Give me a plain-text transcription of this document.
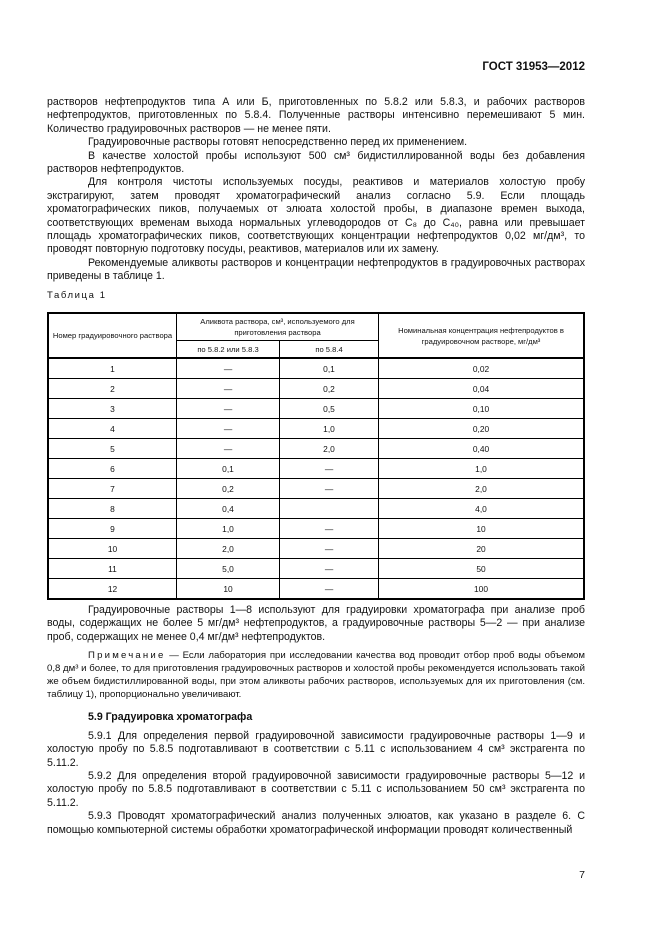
ГОСТ 31953—2012

растворов нефтепродуктов типа А или Б, приготовленных по 5.8.2 или 5.8.3, и рабочих растворов нефтепродуктов, приготовленных по 5.8.4. Полученные растворы интенсивно перемешивают 5 мин. Количество градуировочных растворов — не менее пяти.

Градуировочные растворы готовят непосредственно перед их применением.

В качестве холостой пробы используют 500 см³ бидистиллированной воды без добавления растворов нефтепродуктов.

Для контроля чистоты используемых посуды, реактивов и материалов холостую пробу экстрагируют, затем проводят хроматографический анализ согласно 5.9. Если площадь хроматографических пиков, получаемых от элюата холостой пробы, в диапазоне времен выхода, соответствующих временам выхода нормальных углеводородов от C₈ до C₄₀, равна или превышает площадь хроматографических пиков, соответствующих концентрации нефтепродуктов 0,02 мг/дм³, то проводят повторную подготовку посуды, реактивов, материалов или их замену.

Рекомендуемые аликвоты растворов и концентрации нефтепродуктов в градуировочных растворах приведены в таблице 1.

Таблица 1
Номер градуировочного раствора	Аликвота раствора, см³, используемого для приготовления раствора		Номинальная концентрация нефтепродуктов в градуировочном растворе, мг/дм³
	по 5.8.2 или 5.8.3	по 5.8.4	
1	—	0,1	0,02
2	—	0,2	0,04
3	—	0,5	0,10
4	—	1,0	0,20
5	—	2,0	0,40
6	0,1	—	1,0
7	0,2	—	2,0
8	0,4		4,0
9	1,0	—	10
10	2,0	—	20
11	5,0	—	50
12	10	—	100

Градуировочные растворы 1—8 используют для градуировки хроматографа при анализе проб воды, содержащих не более 5 мг/дм³ нефтепродуктов, а градуировочные растворы 5—2 — при анализе проб, содержащих не менее 0,4 мг/дм³ нефтепродуктов.

Примечание — Если лаборатория при исследовании качества вод проводит отбор проб воды объемом 0,8 дм³ и более, то для приготовления градуировочных растворов и холостой пробы рекомендуется использовать такой же объем бидистиллированной воды, при этом аликвоты рабочих растворов, используемых для их приготовления (см. таблицу 1), пропорционально увеличивают.

5.9 Градуировка хроматографа

5.9.1 Для определения первой градуировочной зависимости градуировочные растворы 1—9 и холостую пробу по 5.8.5 подготавливают в соответствии с 5.11 с использованием 4 см³ экстрагента по 5.11.2.

5.9.2 Для определения второй градуировочной зависимости градуировочные растворы 5—12 и холостую пробу по 5.8.5 подготавливают в соответствии с 5.11 с использованием 50 см³ экстрагента по 5.11.2.

5.9.3 Проводят хроматографический анализ полученных элюатов, как указано в разделе 6. С помощью компьютерной системы обработки хроматографической информации проводят количественный

7
